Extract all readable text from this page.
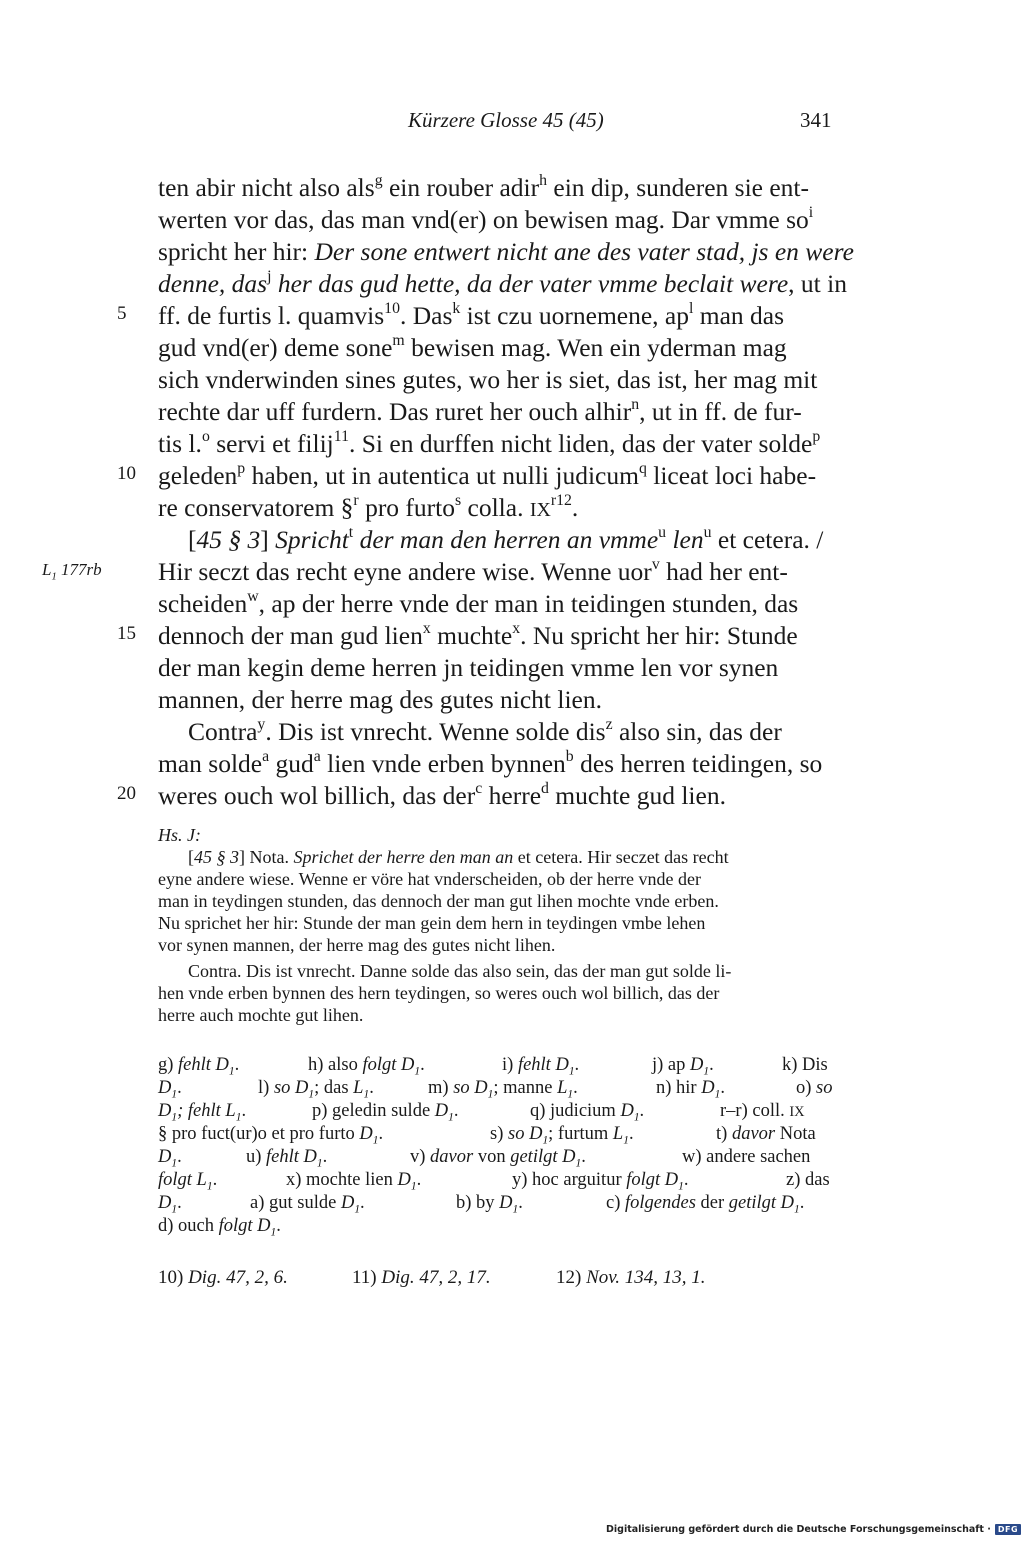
Kürzere Glosse 45 (45)	341
5
10
15
20
$L_1$ 177rb
ten abir nicht also als$^g$ ein rouber adir$^h$ ein dip, sunderen sie ent-
werten vor das, das man vnd(er) on bewisen mag. Dar vmme $so^i$
spricht her hir: Der sone entwert nicht ane des vater stad, js en were
denne, das$^j$ her das gud hette, da der vater vmme beclait were, ut in
ff. de furtis l. quamvis$^{10}$. Das$^k$ ist czu uornemene, $ap^l$ man das
gud vnd(er) deme sone$^m$ bewisen mag. Wen ein yderman mag
sich vnderwinden sines gutes, wo her is siet, das ist, her mag mit
rechte dar uff furdern. Das ruret her ouch alhir$^n$, ut in ff. de fur-
tis l.$^o$ servi et filij$^{11}$. Si en durffen nicht liden, das der vater solde$^p$
geleden$^p$ haben, ut in autentica ut nulli judicum$^q$ liceat loci habe-
re conservatorem §$^r$ pro furto$^s$ colla. $IX^{r12}$.
[45 § 3] Spricht$^t$ der man den herren an vmme$^u$ len$^u$ et cetera. /
Hir seczt das recht eyne andere wise. Wenne uor$^v$ had her ent-
scheiden$^w$, ap der herre vnde der man in teidingen stunden, das
dennoch der man gud lien$^x$ muchte$^x$. Nu spricht her hir: Stunde
der man kegin deme herren jn teidingen vmme len vor synen
mannen, der herre mag des gutes nicht lien.
Contra$^y$. Dis ist vnrecht. Wenne solde dis$^z$ also sin, das der
man solde$^a$ gud$^a$ lien vnde erben bynnen$^b$ des herren teidingen, so
weres ouch wol billich, das der$^c$ herre$^d$ muchte gud lien.
Hs. J:
[45 § 3] Nota. Sprichet der herre den man an et cetera. Hir seczet das recht
eyne andere wiese. Wenne er vöre hat vnderscheiden, ob der herre vnde der
man in teydingen stunden, das dennoch der man gut lihen mochte vnde erben.
Nu sprichet her hir: Stunde der man gein dem hern in teydingen vmbe lehen
vor synen mannen, der herre mag des gutes nicht lihen.
Contra. Dis ist vnrecht. Danne solde das also sein, das der man gut solde li-
hen vnde erben bynnen des hern teydingen, so weres ouch wol billich, das der
herre auch mochte gut lihen.
g) fehlt $D_1$.	h) also folgt $D_1$.	i) fehlt $D_1$.	j) ap $D_1$.	k) Dis
$D_1$.	l) so $D_1$; das $L_1$.	m) so $D_1$; manne $L_1$.	n) hir $D_1$.	o) so
$D_1$; fehlt $L_1$.	p) geledin sulde $D_1$.	q) judicium $D_1$.	r–r) coll. IX
§ pro fuct(ur)o et pro furto $D_1$.	s) so $D_1$; furtum $L_1$.	t) davor Nota
$D_1$.	u) fehlt $D_1$.	v) davor von getilgt $D_1$.	w) andere sachen
folgt $L_1$.	x) mochte lien $D_1$.	y) hoc arguitur folgt $D_1$.	z) das
$D_1$.	a) gut sulde $D_1$.	b) by $D_1$.	c) folgendes der getilgt $D_1$.
d) ouch folgt $D_1$.
10) Dig. 47, 2, 6.	11) Dig. 47, 2, 17.	12) Nov. 134, 13, 1.
Digitalisierung gefördert durch die Deutsche Forschungsgemeinschaft · DFG
